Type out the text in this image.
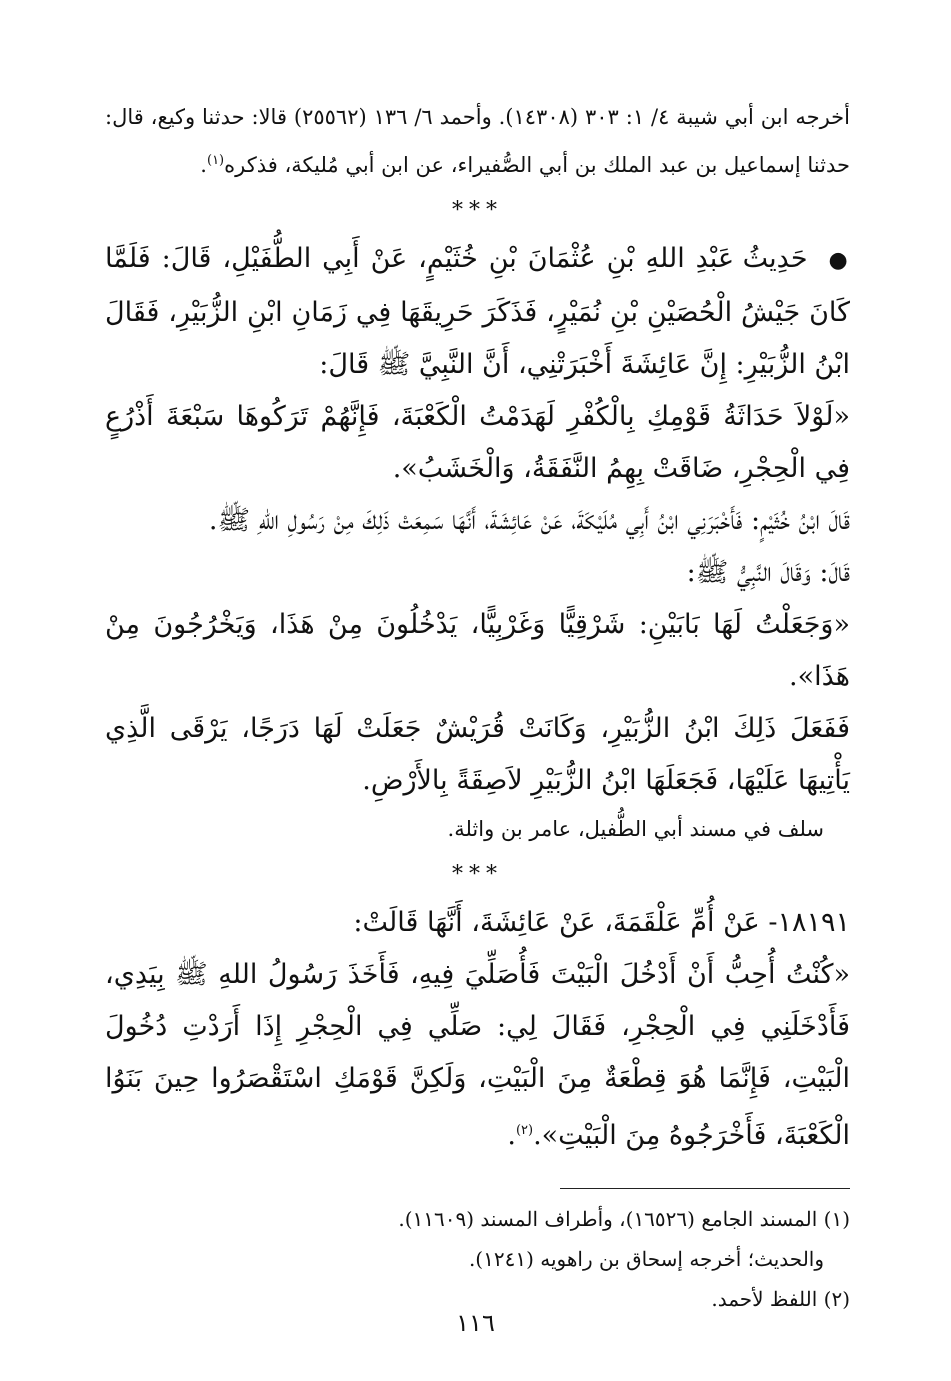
أخرجه ابن أبي شيبة ٤/ ١: ٣٠٣ (١٤٣٠٨). وأحمد ٦/ ١٣٦ (٢٥٥٦٢) قالا: حدثنا وكيع، قال: حدثنا إسماعيل بن عبد الملك بن أبي الصُّفيراء، عن ابن أبي مُليكة، فذكره$^{(١)}$.

***

● حَدِيثُ عَبْدِ اللهِ بْنِ عُثْمَانَ بْنِ خُثَيْمٍ، عَنْ أَبِي الطُّفَيْلِ، قَالَ: فَلَمَّا كَانَ جَيْشُ الْحُصَيْنِ بْنِ نُمَيْرٍ، فَذَكَرَ حَرِيقَهَا فِي زَمَانِ ابْنِ الزُّبَيْرِ، فَقَالَ ابْنُ الزُّبَيْرِ: إِنَّ عَائِشَةَ أَخْبَرَتْنِي، أَنَّ النَّبِيَّ ﷺ قَالَ:

«لَوْلاَ حَدَاثَةُ قَوْمِكِ بِالْكُفْرِ لَهَدَمْتُ الْكَعْبَةَ، فَإِنَّهُمْ تَرَكُوهَا سَبْعَةَ أَذْرُعٍ فِي الْحِجْرِ، ضَاقَتْ بِهِمُ النَّفَقَةُ، وَالْخَشَبُ».

قَالَ ابْنُ خُثَيْمٍ: فَأَخْبَرَنِي ابْنُ أَبِي مُلَيْكَةَ، عَنْ عَائِشَةَ، أَنَّهَا سَمِعَتْ ذَلِكَ مِنْ رَسُولِ اللهِ ﷺ.

قَالَ: وَقَالَ النَّبِيُّ ﷺ:

«وَجَعَلْتُ لَهَا بَابَيْنِ: شَرْقِيًّا وَغَرْبِيًّا، يَدْخُلُونَ مِنْ هَذَا، وَيَخْرُجُونَ مِنْ هَذَا».

فَفَعَلَ ذَلِكَ ابْنُ الزُّبَيْرِ، وَكَانَتْ قُرَيْشٌ جَعَلَتْ لَهَا دَرَجًا، يَرْقَى الَّذِي يَأْتِيهَا عَلَيْهَا، فَجَعَلَهَا ابْنُ الزُّبَيْرِ لاَصِقَةً بِالأَرْضِ.

سلف في مسند أبي الطُّفيل، عامر بن واثلة.

***

١٨١٩١- عَنْ أُمِّ عَلْقَمَةَ، عَنْ عَائِشَةَ، أَنَّهَا قَالَتْ:

«كُنْتُ أُحِبُّ أَنْ أَدْخُلَ الْبَيْتَ فَأُصَلِّيَ فِيهِ، فَأَخَذَ رَسُولُ اللهِ ﷺ بِيَدِي، فَأَدْخَلَنِي فِي الْحِجْرِ، فَقَالَ لِي: صَلِّي فِي الْحِجْرِ إِذَا أَرَدْتِ دُخُولَ الْبَيْتِ، فَإِنَّمَا هُوَ قِطْعَةٌ مِنَ الْبَيْتِ، وَلَكِنَّ قَوْمَكِ اسْتَقْصَرُوا حِينَ بَنَوُا الْكَعْبَةَ، فَأَخْرَجُوهُ مِنَ الْبَيْتِ».$^{(٢)}$.

(١) المسند الجامع (١٦٥٢٦)، وأطراف المسند (١١٦٠٩).

والحديث؛ أخرجه إسحاق بن راهويه (١٢٤١).

(٢) اللفظ لأحمد.

١١٦
